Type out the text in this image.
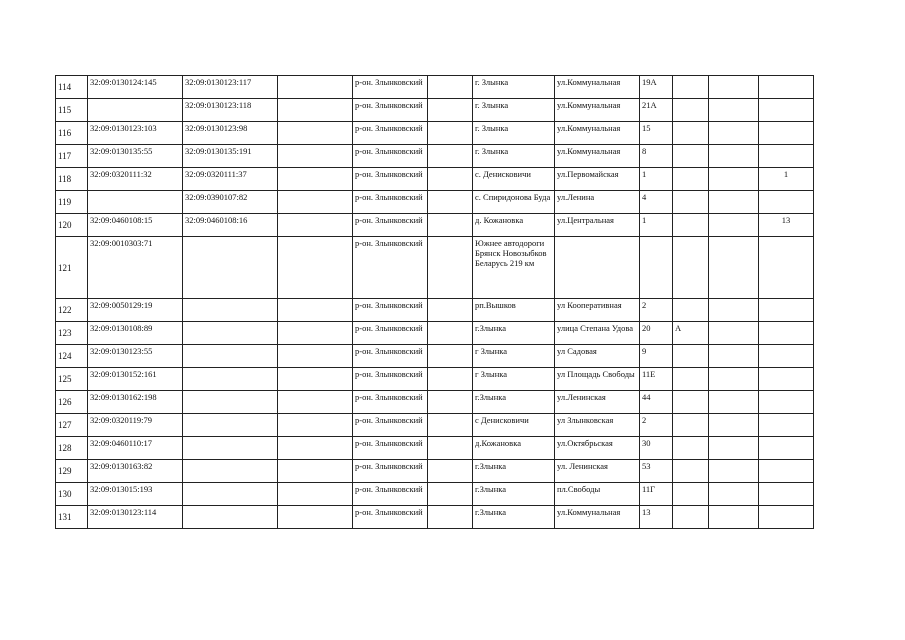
114	32:09:0130124:145	32:09:0130123:117		р-он. Злынковский		г. Злынка	ул.Коммунальная	19А			
115		32:09:0130123:118		р-он. Злынковский		г. Злынка	ул.Коммунальная	21А			
116	32:09:0130123:103	32:09:0130123:98		р-он. Злынковский		г. Злынка	ул.Коммунальная	15			
117	32:09:0130135:55	32:09:0130135:191		р-он. Злынковский		г. Злынка	ул.Коммунальная	8			
118	32:09:0320111:32	32:09:0320111:37		р-он. Злынковский		с. Денисковичи	ул.Первомайская	1			1
119		32:09:0390107:82		р-он. Злынковский		с. Спиридонова Буда	ул.Ленина	4			
120	32:09:0460108:15	32:09:0460108:16		р-он. Злынковский		д. Кожановка	ул.Центральная	1			13
121	32:09:0010303:71			р-он. Злынковский		Южнее автодороги Брянск Новозыбков Беларусь 219 км					
122	32:09:0050129:19			р-он. Злынковский		рп.Вышков	ул Кооперативная	2			
123	32:09:0130108:89			р-он. Злынковский		г.Злынка	улица Степана Удова	20	А		
124	32:09:0130123:55			р-он. Злынковский		г Злынка	ул Садовая	9			
125	32:09:0130152:161			р-он. Злынковский		г Злынка	ул Площадь Свободы	11Е			
126	32:09:0130162:198			р-он. Злынковский		г.Злынка	ул.Ленинская	44			
127	32:09:0320119:79			р-он. Злынковский		с Денисковичи	ул Злынковская	2			
128	32:09:0460110:17			р-он. Злынковский		д.Кожановка	ул.Октябрьская	30			
129	32:09:0130163:82			р-он. Злынковский		г.Злынка	ул. Ленинская	53			
130	32:09:013015:193			р-он. Злынковский		г.Злынка	пл.Свободы	11Г			
131	32:09:0130123:114			р-он. Злынковский		г.Злынка	ул.Коммунальная	13			
